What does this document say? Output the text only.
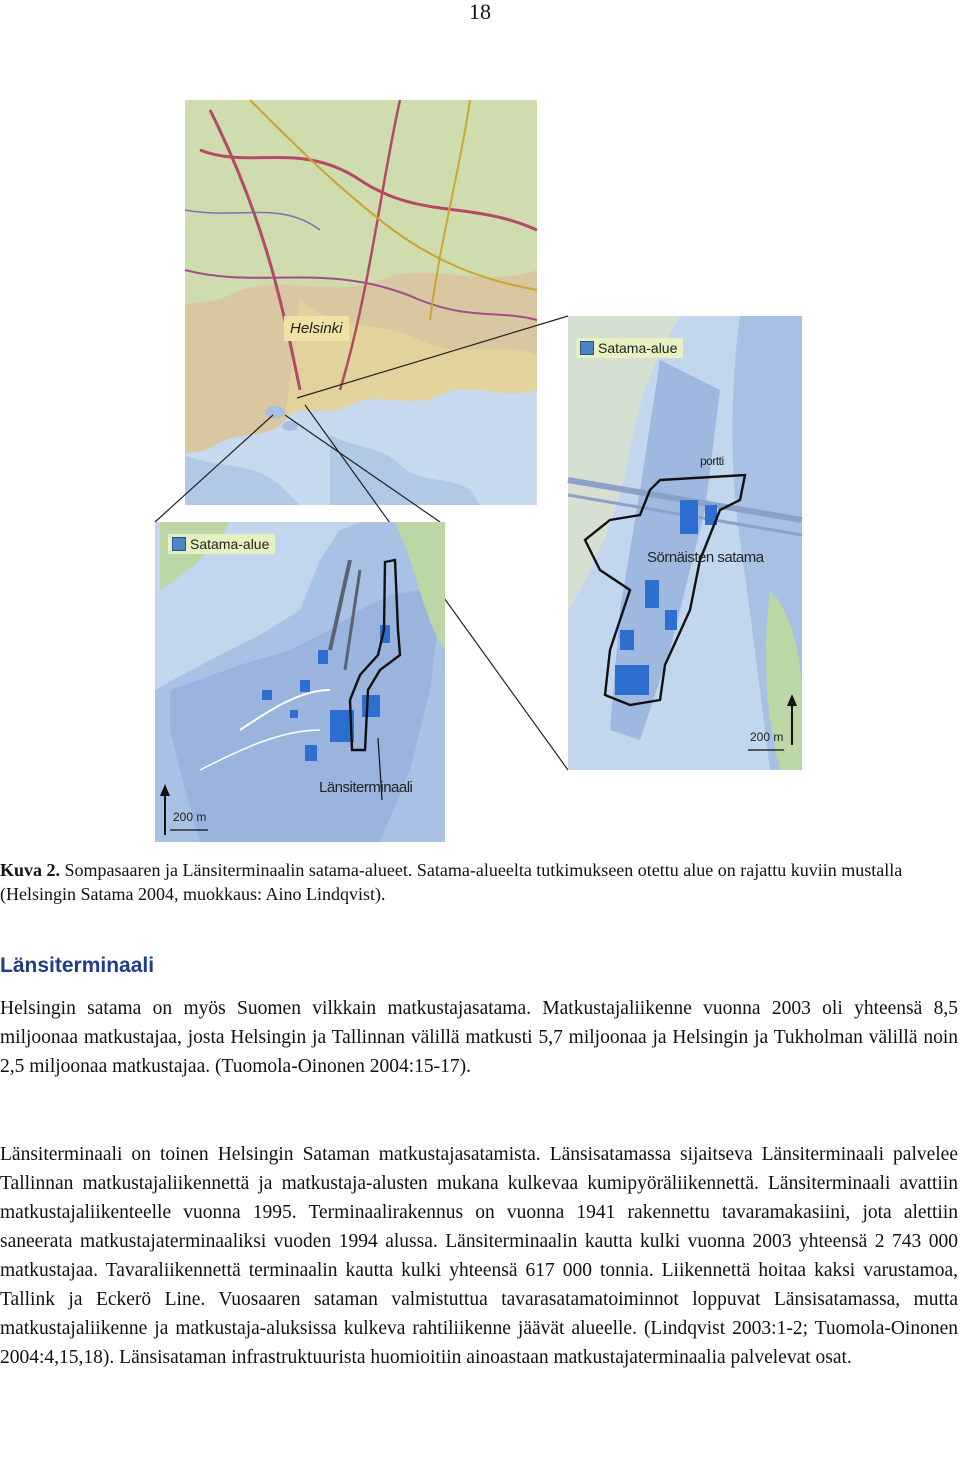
18
Helsinki
Satama-alue
portti
Sörnäisten satama
200 m
Satama-alue
Länsiterminaali
200 m
Kuva 2. Sompasaaren ja Länsiterminaalin satama-alueet. Satama-alueelta tutkimukseen otettu alue on rajattu kuviin mustalla (Helsingin Satama 2004, muokkaus: Aino Lindqvist).
Länsiterminaali
Helsingin satama on myös Suomen vilkkain matkustajasatama. Matkustajaliikenne vuonna 2003 oli yhteensä 8,5 miljoonaa matkustajaa, josta Helsingin ja Tallinnan välillä matkusti 5,7 miljoonaa ja Helsingin ja Tukholman välillä noin 2,5 miljoonaa matkustajaa. (Tuomola-Oinonen 2004:15-17).
Länsiterminaali on toinen Helsingin Sataman matkustajasatamista. Länsisatamassa sijaitseva Länsiterminaali palvelee Tallinnan matkustajaliikennettä ja matkustaja-alusten mukana kulkevaa kumipyöräliikennettä. Länsiterminaali avattiin matkustajaliikenteelle vuonna 1995. Terminaalirakennus on vuonna 1941 rakennettu tavaramakasiini, jota alettiin saneerata matkustajaterminaaliksi vuoden 1994 alussa. Länsiterminaalin kautta kulki vuonna 2003 yhteensä 2 743 000 matkustajaa. Tavaraliikennettä terminaalin kautta kulki yhteensä 617 000 tonnia. Liikennettä hoitaa kaksi varustamoa, Tallink ja Eckerö Line. Vuosaaren sataman valmistuttua tavarasatamatoiminnot loppuvat Länsisatamassa, mutta matkustajaliikenne ja matkustaja-aluksissa kulkeva rahtiliikenne jäävät alueelle. (Lindqvist 2003:1-2; Tuomola-Oinonen 2004:4,15,18). Länsisataman infrastruktuurista huomioitiin ainoastaan matkustajaterminaalia palvelevat osat.
